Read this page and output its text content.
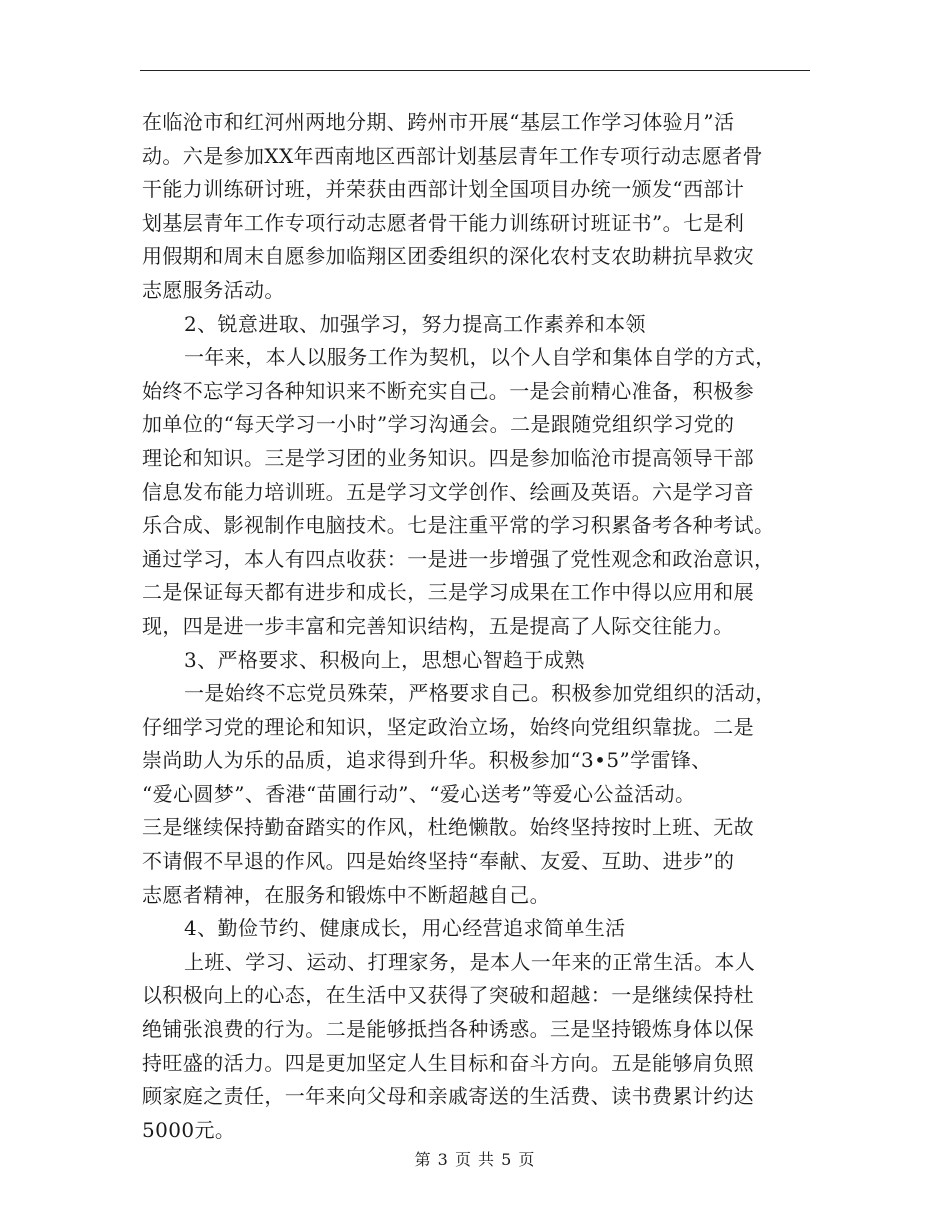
在临沧市和红河州两地分期、跨州市开展“基层工作学习体验月”活
动。六是参加XX年西南地区西部计划基层青年工作专项行动志愿者骨
干能力训练研讨班，并荣获由西部计划全国项目办统一颁发“西部计
划基层青年工作专项行动志愿者骨干能力训练研讨班证书”。七是利
用假期和周末自愿参加临翔区团委组织的深化农村支农助耕抗旱救灾
志愿服务活动。
2、锐意进取、加强学习，努力提高工作素养和本领
一年来，本人以服务工作为契机，以个人自学和集体自学的方式，
始终不忘学习各种知识来不断充实自己。一是会前精心准备，积极参
加单位的“每天学习一小时”学习沟通会。二是跟随党组织学习党的
理论和知识。三是学习团的业务知识。四是参加临沧市提高领导干部
信息发布能力培训班。五是学习文学创作、绘画及英语。六是学习音
乐合成、影视制作电脑技术。七是注重平常的学习积累备考各种考试。
通过学习，本人有四点收获：一是进一步增强了党性观念和政治意识，
二是保证每天都有进步和成长，三是学习成果在工作中得以应用和展
现，四是进一步丰富和完善知识结构，五是提高了人际交往能力。
3、严格要求、积极向上，思想心智趋于成熟
一是始终不忘党员殊荣，严格要求自己。积极参加党组织的活动，
仔细学习党的理论和知识，坚定政治立场，始终向党组织靠拢。二是
崇尚助人为乐的品质，追求得到升华。积极参加“3•5”学雷锋、
“爱心圆梦”、香港“苗圃行动”、“爱心送考”等爱心公益活动。
三是继续保持勤奋踏实的作风，杜绝懒散。始终坚持按时上班、无故
不请假不早退的作风。四是始终坚持“奉献、友爱、互助、进步”的
志愿者精神，在服务和锻炼中不断超越自己。
4、勤俭节约、健康成长，用心经营追求简单生活
上班、学习、运动、打理家务，是本人一年来的正常生活。本人
以积极向上的心态，在生活中又获得了突破和超越：一是继续保持杜
绝铺张浪费的行为。二是能够抵挡各种诱惑。三是坚持锻炼身体以保
持旺盛的活力。四是更加坚定人生目标和奋斗方向。五是能够肩负照
顾家庭之责任，一年来向父母和亲戚寄送的生活费、读书费累计约达
5000元。
第 3 页 共 5 页
